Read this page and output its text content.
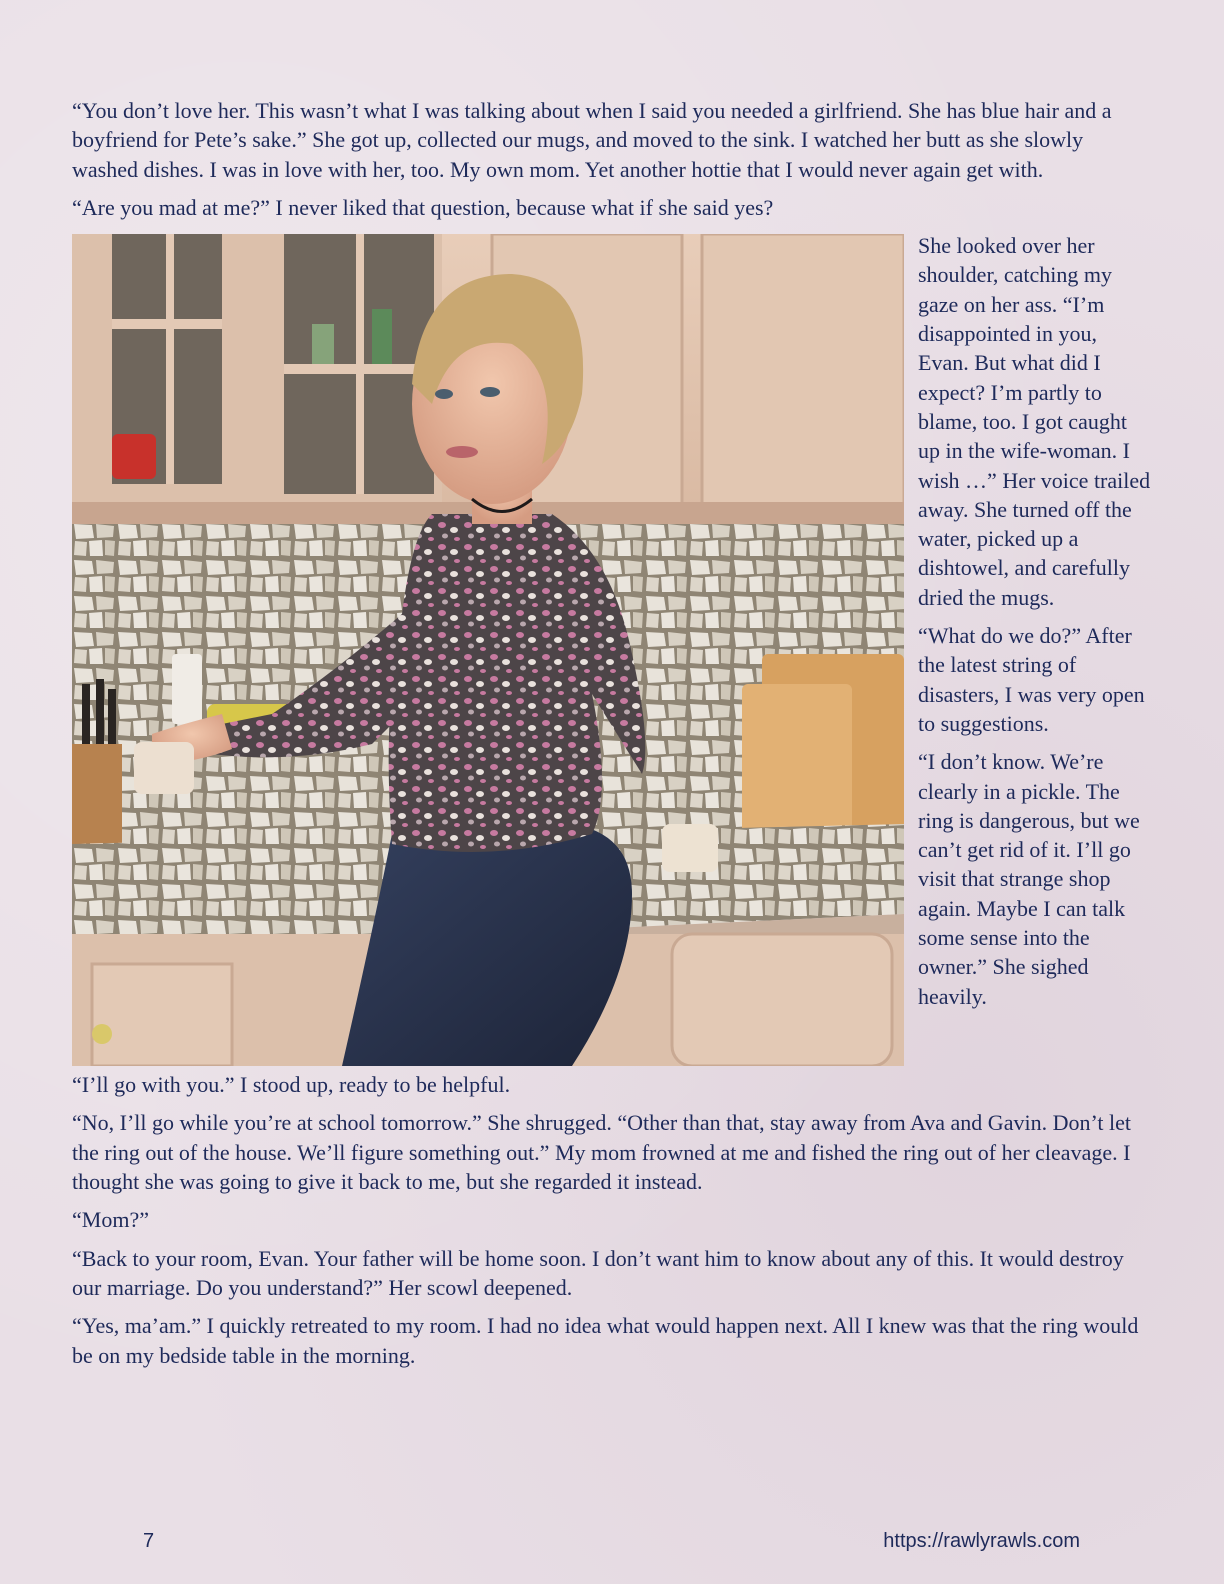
“You don’t love her. This wasn’t what I was talking about when I said you needed a girlfriend. She has blue hair and a boyfriend for Pete’s sake.” She got up, collected our mugs, and moved to the sink. I watched her butt as she slowly washed dishes. I was in love with her, too. My own mom. Yet another hottie that I would never again get with.

“Are you mad at me?” I never liked that question, because what if she said yes?

She looked over her shoulder, catching my gaze on her ass. “I’m disappointed in you, Evan. But what did I expect? I’m partly to blame, too. I got caught up in the wife-woman. I wish …” Her voice trailed away. She turned off the water, picked up a dishtowel, and carefully dried the mugs.

“What do we do?” After the latest string of disasters, I was very open to suggestions.

“I don’t know. We’re clearly in a pickle. The ring is dangerous, but we can’t get rid of it. I’ll go visit that strange shop again. Maybe I can talk some sense into the owner.” She sighed heavily.

“I’ll go with you.” I stood up, ready to be helpful.

“No, I’ll go while you’re at school tomorrow.” She shrugged. “Other than that, stay away from Ava and Gavin. Don’t let the ring out of the house. We’ll figure something out.” My mom frowned at me and fished the ring out of her cleavage. I thought she was going to give it back to me, but she regarded it instead.

“Mom?”

“Back to your room, Evan. Your father will be home soon. I don’t want him to know about any of this. It would destroy our marriage. Do you understand?” Her scowl deepened.

“Yes, ma’am.” I quickly retreated to my room. I had no idea what would happen next. All I knew was that the ring would be on my bedside table in the morning.

7	https://rawlyrawls.com
